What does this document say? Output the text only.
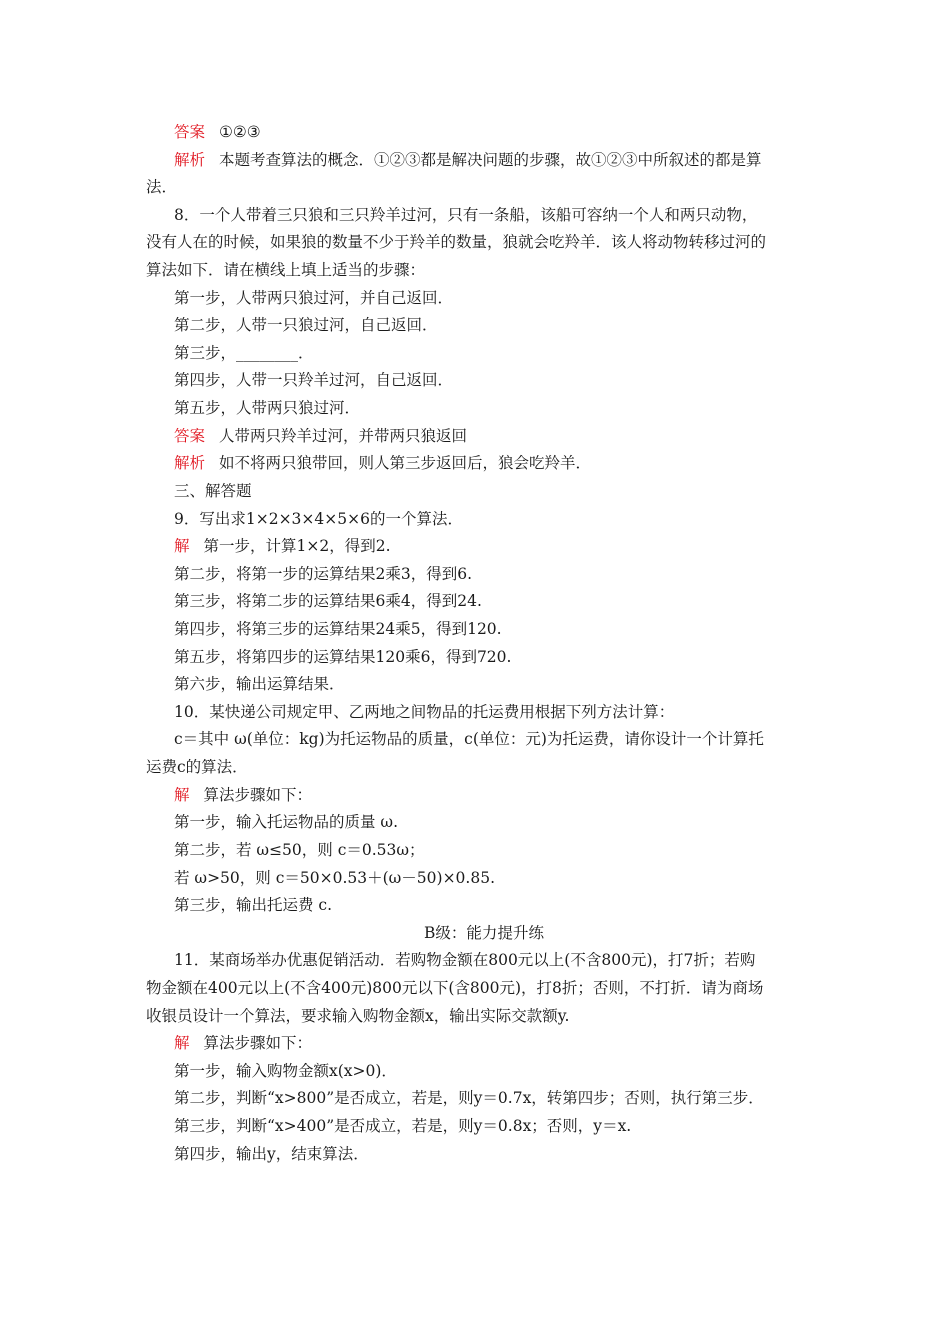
答案 ①②③
解析 本题考查算法的概念．①②③都是解决问题的步骤，故①②③中所叙述的都是算
法．
8．一个人带着三只狼和三只羚羊过河，只有一条船，该船可容纳一个人和两只动物，
没有人在的时候，如果狼的数量不少于羚羊的数量，狼就会吃羚羊．该人将动物转移过河的
算法如下．请在横线上填上适当的步骤：
第一步，人带两只狼过河，并自己返回．
第二步，人带一只狼过河，自己返回．
第三步，________．
第四步，人带一只羚羊过河，自己返回．
第五步，人带两只狼过河．
答案 人带两只羚羊过河，并带两只狼返回
解析 如不将两只狼带回，则人第三步返回后，狼会吃羚羊．
三、解答题
9．写出求1×2×3×4×5×6的一个算法．
解 第一步，计算1×2，得到2.
第二步，将第一步的运算结果2乘3，得到6.
第三步，将第二步的运算结果6乘4，得到24.
第四步，将第三步的运算结果24乘5，得到120.
第五步，将第四步的运算结果120乘6，得到720.
第六步，输出运算结果．
10．某快递公司规定甲、乙两地之间物品的托运费用根据下列方法计算：
c＝其中 ω(单位：kg)为托运物品的质量，c(单位：元)为托运费，请你设计一个计算托
运费c的算法．
解 算法步骤如下：
第一步，输入托运物品的质量 ω.
第二步，若 ω≤50，则 c＝0.53ω；
若 ω>50，则 c＝50×0.53＋(ω－50)×0.85.
第三步，输出托运费 c.
B级：能力提升练
11．某商场举办优惠促销活动．若购物金额在800元以上(不含800元)，打7折；若购
物金额在400元以上(不含400元)800元以下(含800元)，打8折；否则，不打折．请为商场
收银员设计一个算法，要求输入购物金额x，输出实际交款额y.
解 算法步骤如下：
第一步，输入购物金额x(x>0)．
第二步，判断“x>800”是否成立，若是，则y＝0.7x，转第四步；否则，执行第三步．
第三步，判断“x>400”是否成立，若是，则y＝0.8x；否则，y＝x.
第四步，输出y，结束算法．
